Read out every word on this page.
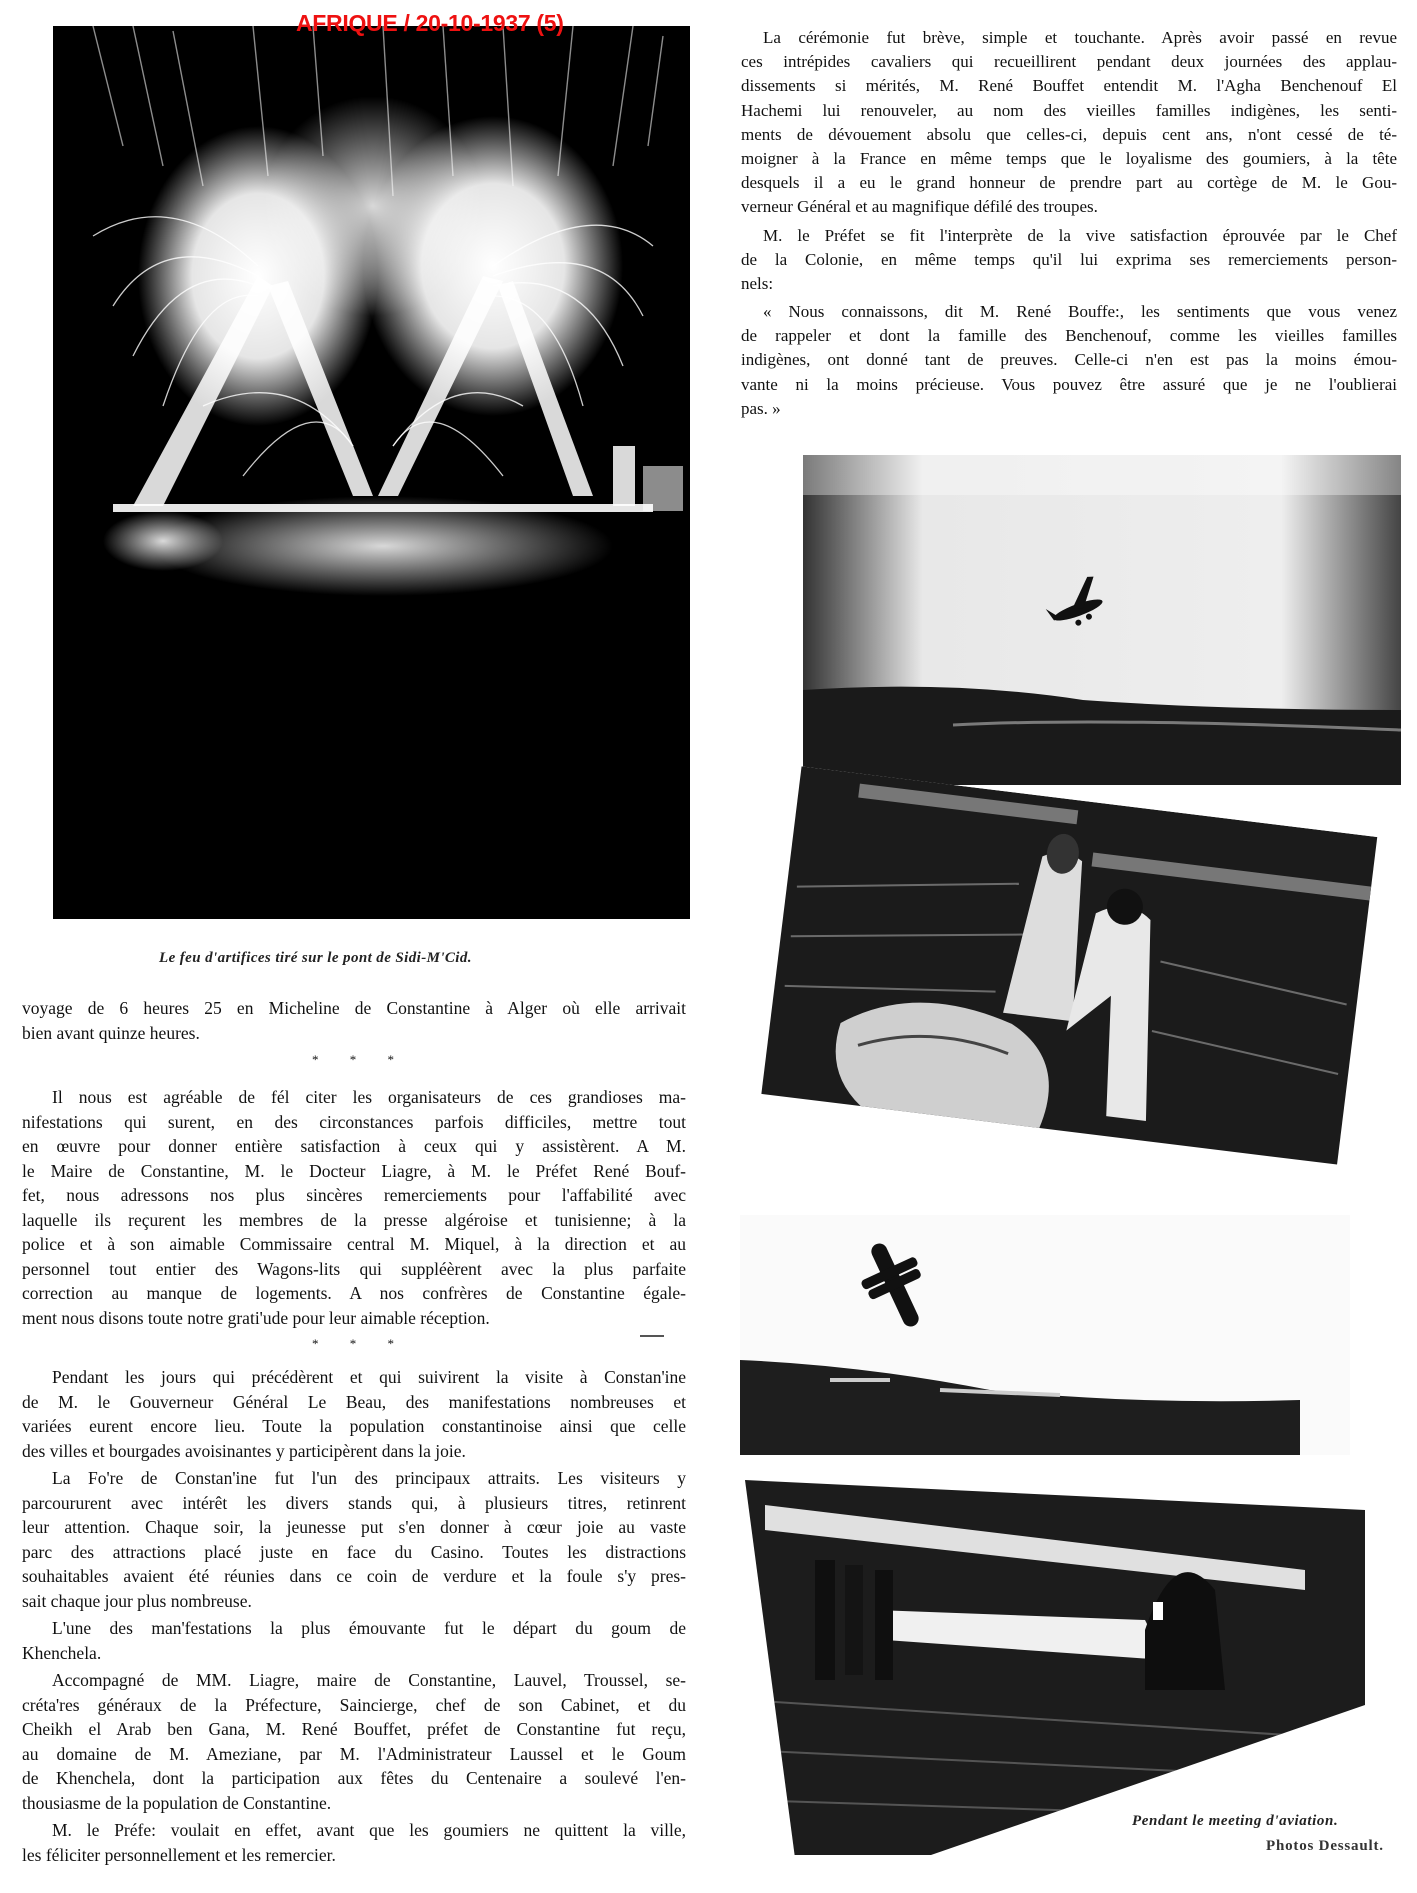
AFRIQUE / 20-10-1937 (5)
Le feu d'artifices tiré sur le pont de Sidi-M'Cid.

La cérémonie fut brève, simple et touchante. Après avoir passé en revue
ces intrépides cavaliers qui recueillirent pendant deux journées des applau-
dissements si mérités, M. René Bouffet entendit M. l'Agha Benchenouf El
Hachemi lui renouveler, au nom des vieilles familles indigènes, les senti-
ments de dévouement absolu que celles-ci, depuis cent ans, n'ont cessé de té-
moigner à la France en même temps que le loyalisme des goumiers, à la tête
desquels il a eu le grand honneur de prendre part au cortège de M. le Gou-
verneur Général et au magnifique défilé des troupes.

M. le Préfet se fit l'interprète de la vive satisfaction éprouvée par le Chef
de la Colonie, en même temps qu'il lui exprima ses remerciements person-
nels:

« Nous connaissons, dit M. René Bouffe:, les sentiments que vous venez
de rappeler et dont la famille des Benchenouf, comme les vieilles familles
indigènes, ont donné tant de preuves. Celle-ci n'en est pas la moins émou-
vante ni la moins précieuse. Vous pouvez être assuré que je ne l'oublierai
pas. »

Pendant le meeting d'aviation.
Photos Dessault.
voyage de 6 heures 25 en Micheline de Constantine à Alger où elle arrivait
bien avant quinze heures.
* * *
Il nous est agréable de fél citer les organisateurs de ces grandioses ma-
nifestations qui surent, en des circonstances parfois difficiles, mettre tout
en œuvre pour donner entière satisfaction à ceux qui y assistèrent. A M.
le Maire de Constantine, M. le Docteur Liagre, à M. le Préfet René Bouf-
fet, nous adressons nos plus sincères remerciements pour l'affabilité avec
laquelle ils reçurent les membres de la presse algéroise et tunisienne; à la
police et à son aimable Commissaire central M. Miquel, à la direction et au
personnel tout entier des Wagons-lits qui suppléèrent avec la plus parfaite
correction au manque de logements. A nos confrères de Constantine égale-
ment nous disons toute notre grati'ude pour leur aimable réception.
* * *

Pendant les jours qui précédèrent et qui suivirent la visite à Constan'ine
de M. le Gouverneur Général Le Beau, des manifestations nombreuses et
variées eurent encore lieu. Toute la population constantinoise ainsi que celle
des villes et bourgades avoisinantes y participèrent dans la joie.

La Fo're de Constan'ine fut l'un des principaux attraits. Les visiteurs y
parcoururent avec intérêt les divers stands qui, à plusieurs titres, retinrent
leur attention. Chaque soir, la jeunesse put s'en donner à cœur joie au vaste
parc des attractions placé juste en face du Casino. Toutes les distractions
souhaitables avaient été réunies dans ce coin de verdure et la foule s'y pres-
sait chaque jour plus nombreuse.

L'une des man'festations la plus émouvante fut le départ du goum de
Khenchela.

Accompagné de MM. Liagre, maire de Constantine, Lauvel, Troussel, se-
créta'res généraux de la Préfecture, Saincierge, chef de son Cabinet, et du
Cheikh el Arab ben Gana, M. René Bouffet, préfet de Constantine fut reçu,
au domaine de M. Ameziane, par M. l'Administrateur Laussel et le Goum
de Khenchela, dont la participation aux fêtes du Centenaire a soulevé l'en-
thousiasme de la population de Constantine.

M. le Préfe: voulait en effet, avant que les goumiers ne quittent la ville,
les féliciter personnellement et les remercier.
